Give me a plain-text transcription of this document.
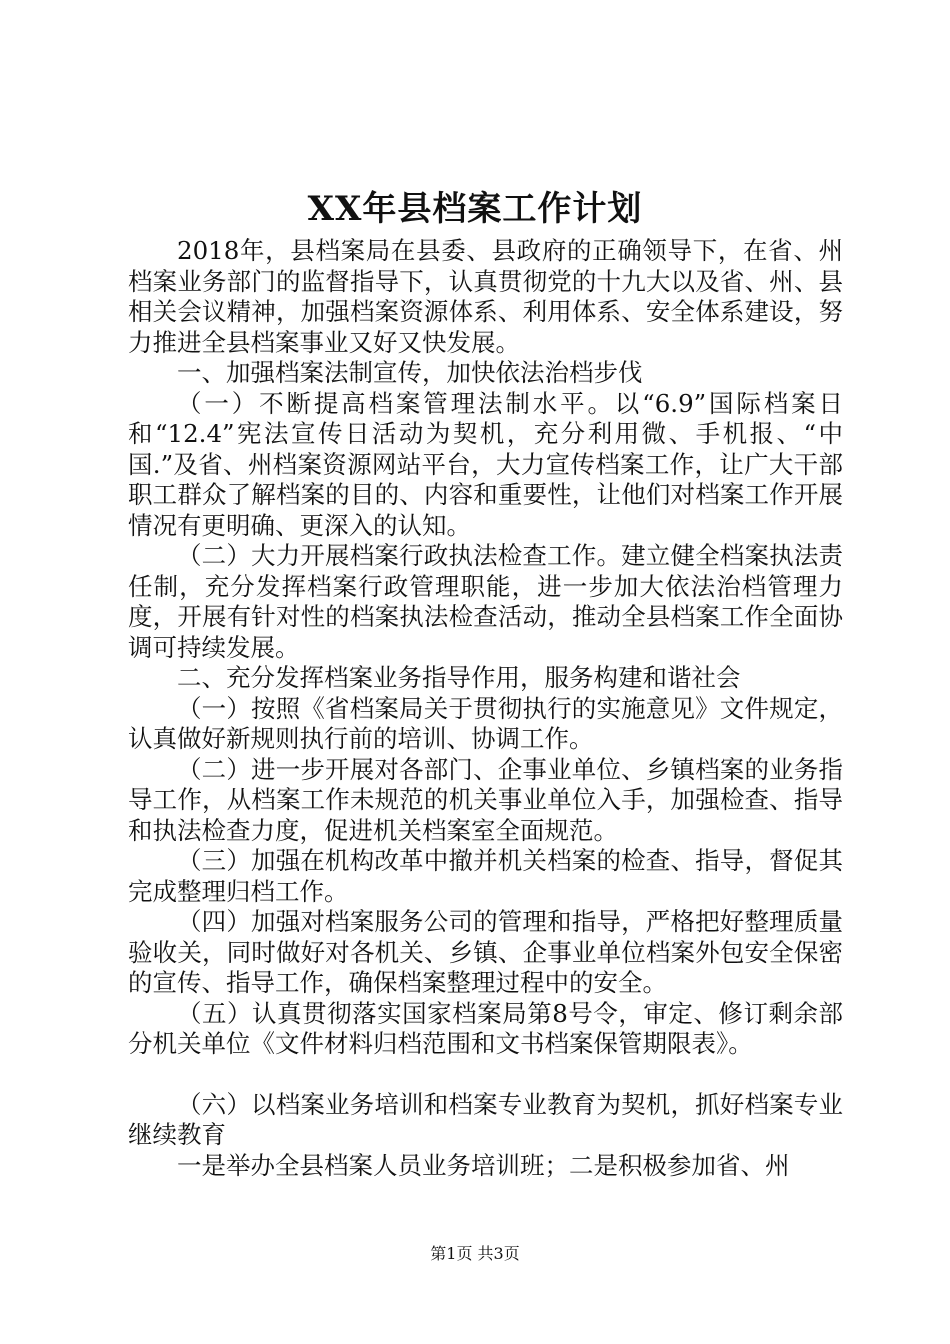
XX年县档案工作计划

2018年，县档案局在县委、县政府的正确领导下，在省、州档案业务部门的监督指导下，认真贯彻党的十九大以及省、州、县相关会议精神，加强档案资源体系、利用体系、安全体系建设，努力推进全县档案事业又好又快发展。

一、加强档案法制宣传，加快依法治档步伐

（一）不断提高档案管理法制水平。以“6.9”国际档案日和“12.4”宪法宣传日活动为契机，充分利用微、手机报、“中国.”及省、州档案资源网站平台，大力宣传档案工作，让广大干部职工群众了解档案的目的、内容和重要性，让他们对档案工作开展情况有更明确、更深入的认知。

（二）大力开展档案行政执法检查工作。建立健全档案执法责任制，充分发挥档案行政管理职能，进一步加大依法治档管理力度，开展有针对性的档案执法检查活动，推动全县档案工作全面协调可持续发展。

二、充分发挥档案业务指导作用，服务构建和谐社会

（一）按照《省档案局关于贯彻执行的实施意见》文件规定，认真做好新规则执行前的培训、协调工作。

（二）进一步开展对各部门、企事业单位、乡镇档案的业务指导工作，从档案工作未规范的机关事业单位入手，加强检查、指导和执法检查力度，促进机关档案室全面规范。

（三）加强在机构改革中撤并机关档案的检查、指导，督促其完成整理归档工作。

（四）加强对档案服务公司的管理和指导，严格把好整理质量验收关，同时做好对各机关、乡镇、企事业单位档案外包安全保密的宣传、指导工作，确保档案整理过程中的安全。

（五）认真贯彻落实国家档案局第8号令，审定、修订剩余部分机关单位《文件材料归档范围和文书档案保管期限表》。

（六）以档案业务培训和档案专业教育为契机，抓好档案专业继续教育

一是举办全县档案人员业务培训班；二是积极参加省、州

第1页 共3页
